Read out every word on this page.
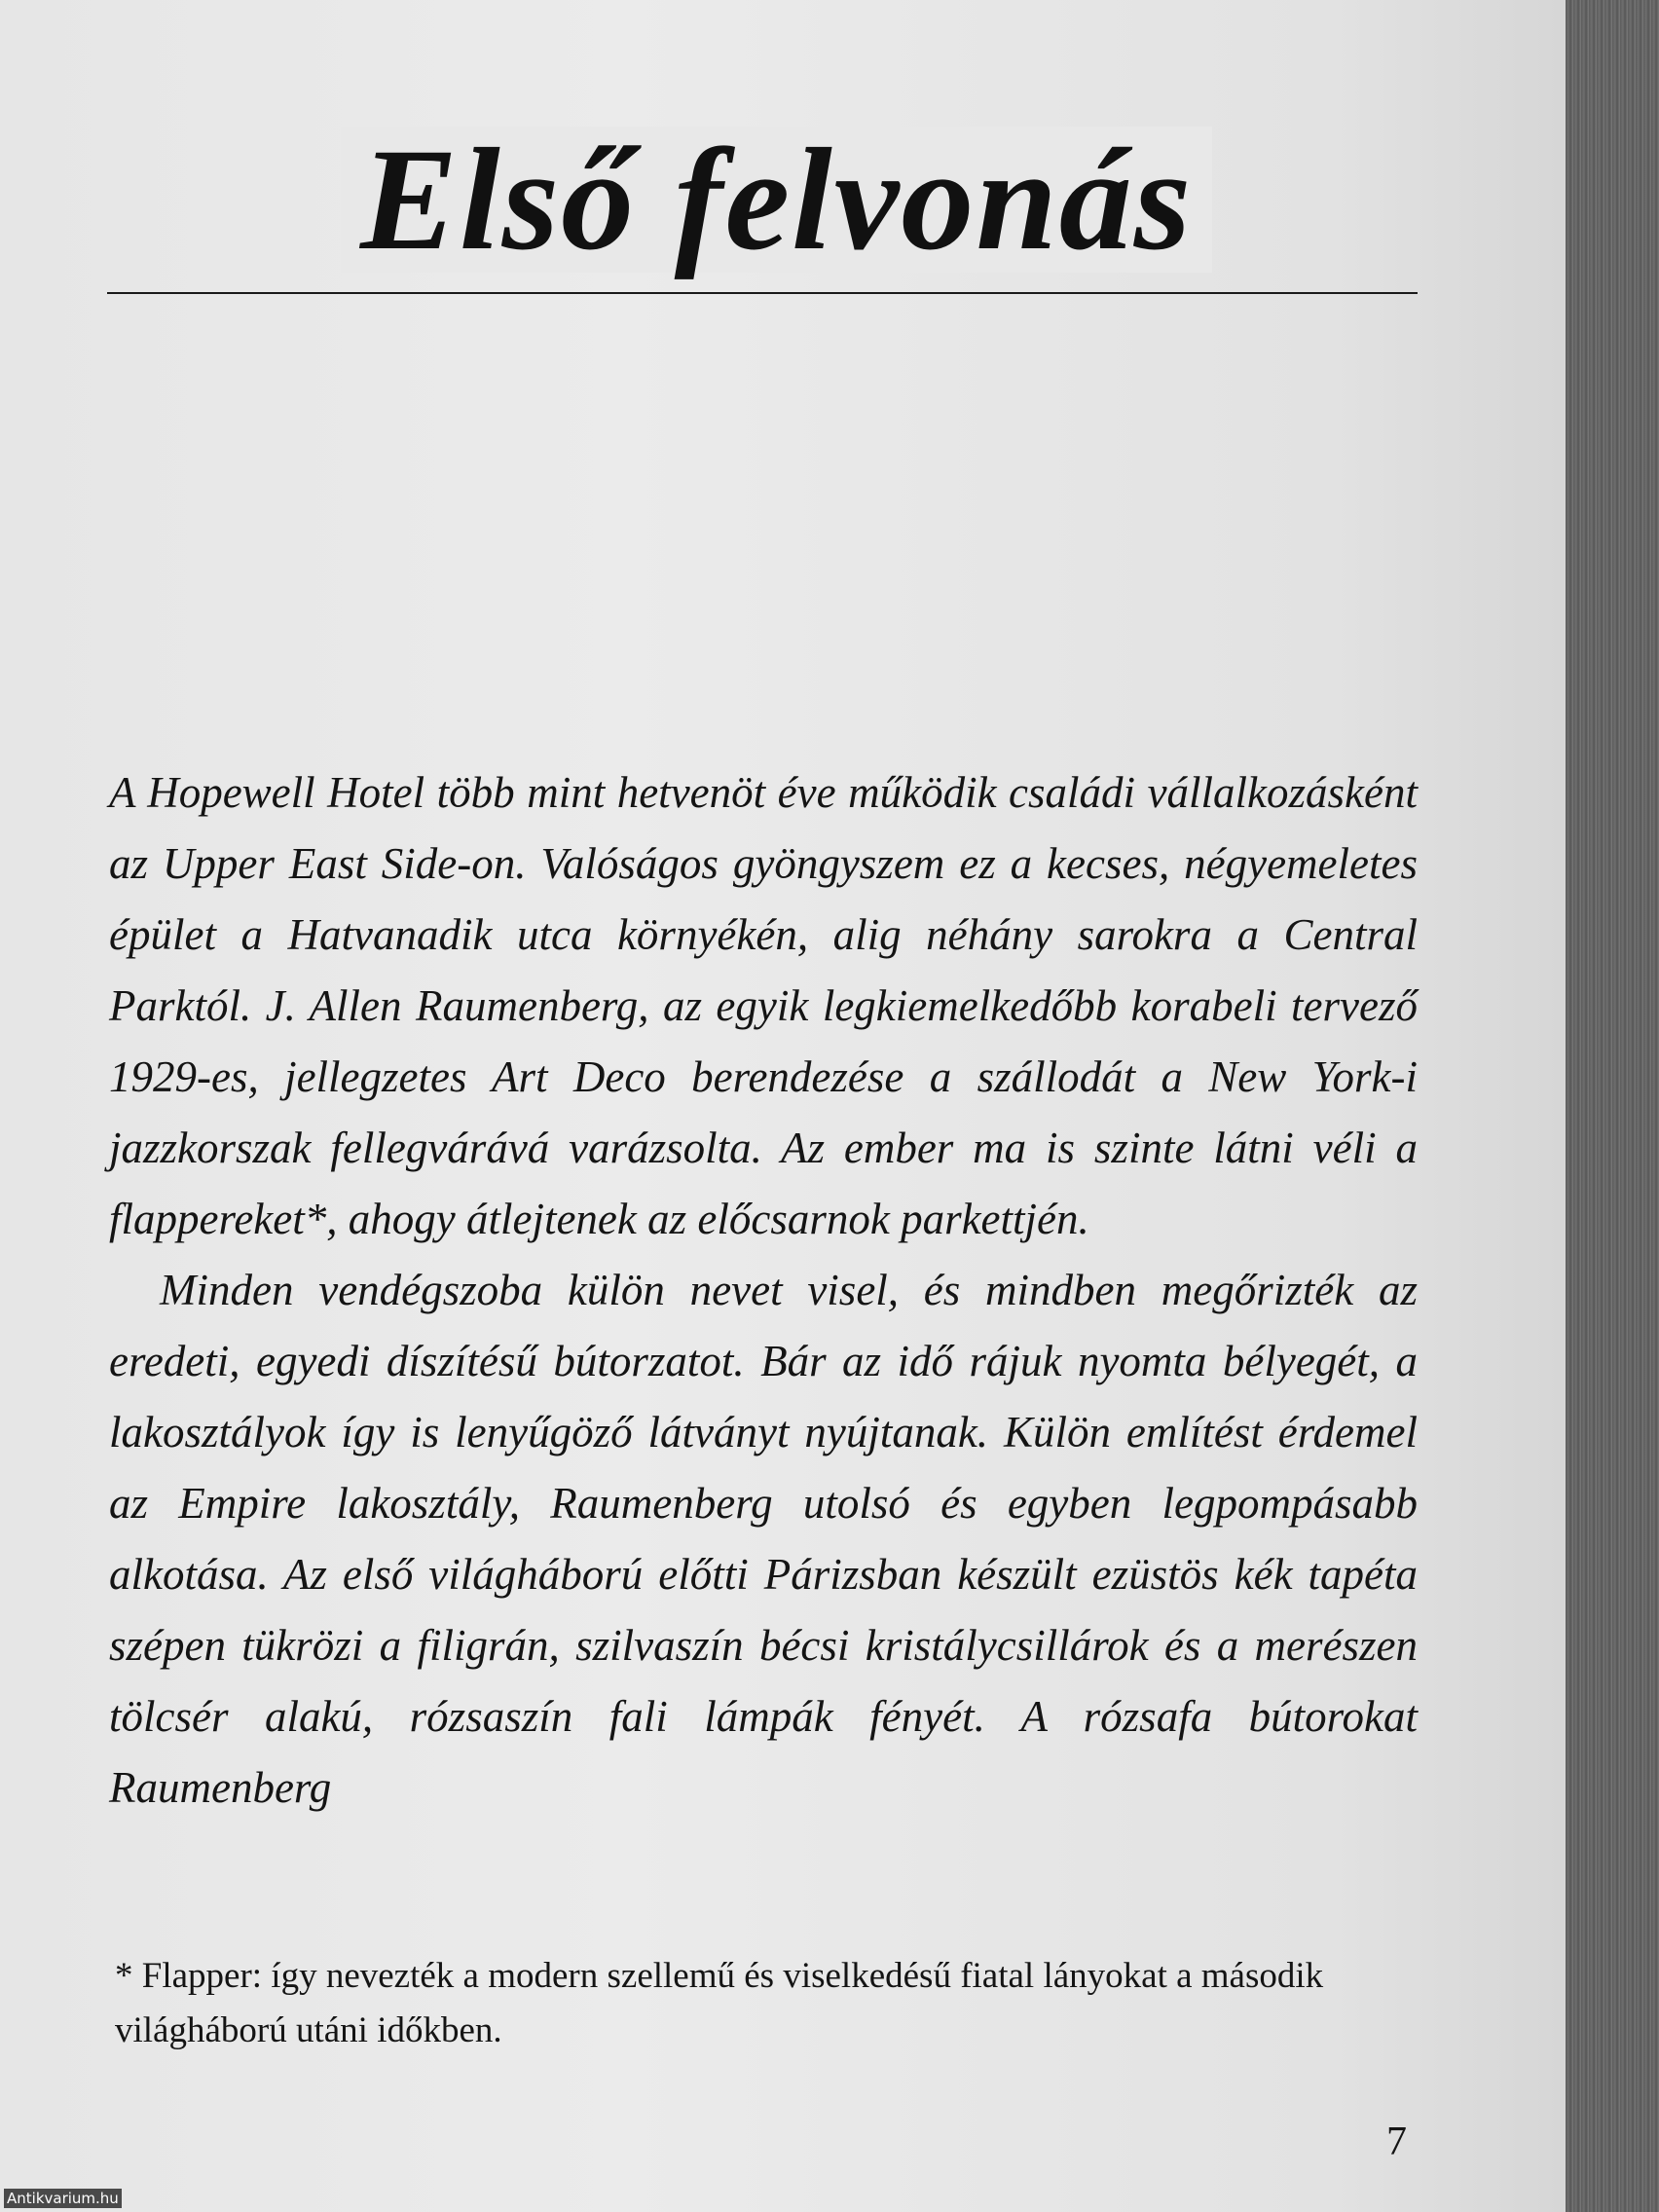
Első felvonás

A Hopewell Hotel több mint hetvenöt éve működik családi vállalkozásként az Upper East Side-on. Valóságos gyöngyszem ez a kecses, négyemeletes épület a Hatvanadik utca környékén, alig néhány sarokra a Central Parktól. J. Allen Raumenberg, az egyik legkiemelkedőbb korabeli tervező 1929-es, jellegzetes Art Deco berendezése a szállodát a New York-i jazzkorszak fellegvárává varázsolta. Az ember ma is szinte látni véli a flappereket*, ahogy átlejtenek az előcsarnok parkettjén.

Minden vendégszoba külön nevet visel, és mindben megőrizték az eredeti, egyedi díszítésű bútorzatot. Bár az idő rájuk nyomta bélyegét, a lakosztályok így is lenyűgöző látványt nyújtanak. Külön említést érdemel az Empire lakosztály, Raumenberg utolsó és egyben legpompásabb alkotása. Az első világháború előtti Párizsban készült ezüstös kék tapéta szépen tükrözi a filigrán, szilvaszín bécsi kristálycsillárok és a merészen tölcsér alakú, rózsaszín fali lámpák fényét. A rózsafa bútorokat Raumenberg

* Flapper: így nevezték a modern szellemű és viselkedésű fiatal lányokat a második világháború utáni időkben.

7
Antikvarium.hu
